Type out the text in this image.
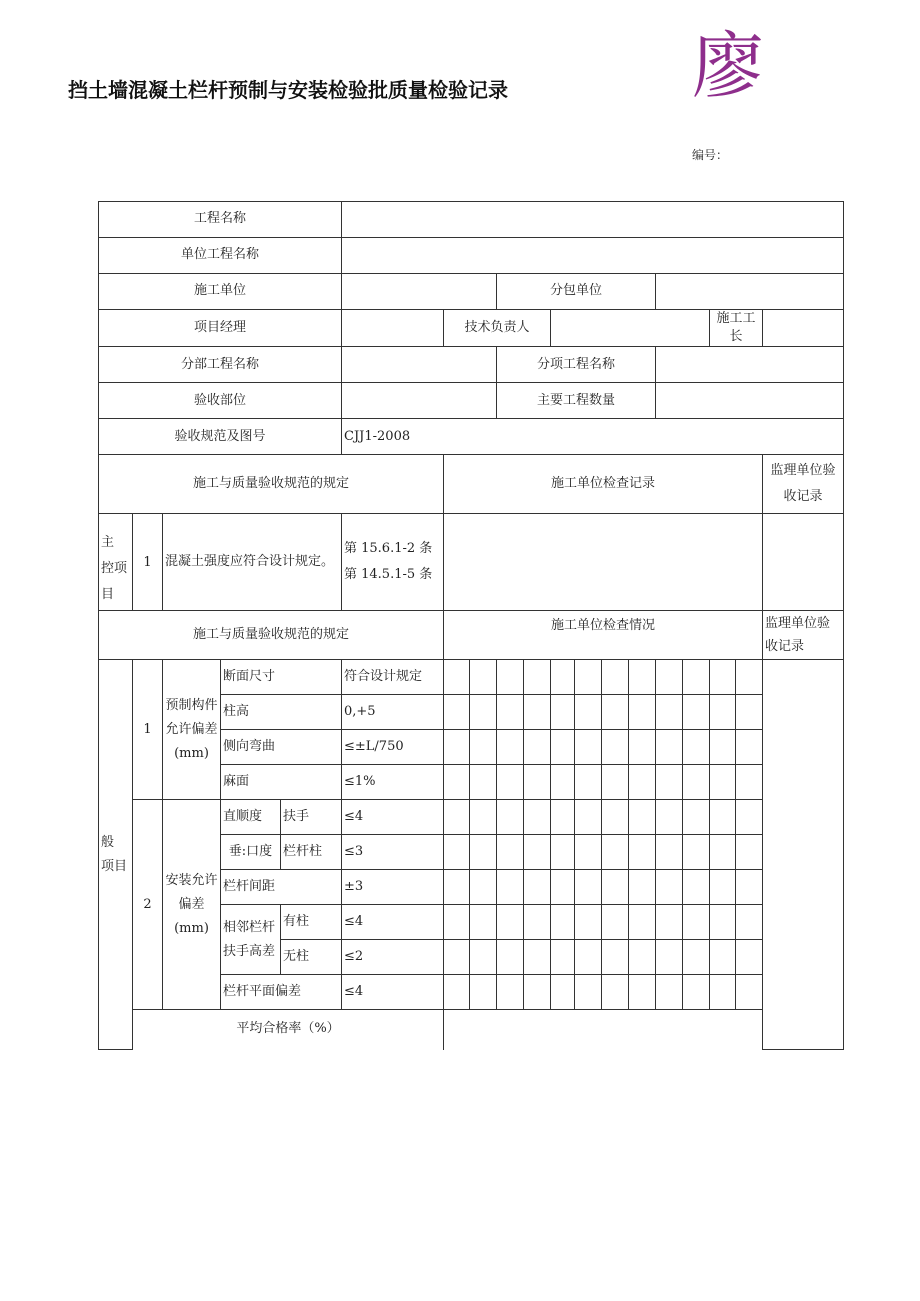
挡土墙混凝土栏杆预制与安装检验批质量检验记录	廖
编号：
工程名称																		
单位工程名称																		
施工单位								分包单位										
项目经理						技术负责人										施工工长		
分部工程名称								分项工程名称										
验收部位								主要工程数量										
验收规范及图号					CJJ1-2008													
施工与质量验收规范的规定						施工单位检查记录												监理单位验收记录
主 控项目	1	混凝土强度应符合设计规定。			第 15.6.1-2 条第 14.5.1-5 条													
施工与质量验收规范的规定						施工单位检查情况												监理单位验收记录
般 项目	1	预制构件允许偏差(mm)	断面尺寸		符合设计规定													
			柱高		0,+5													
			侧向弯曲		≤±L/750													
			麻面		≤1%													
	2	安装允许偏差(mm)	直顺度	扶手	≤4													
			垂:口度	栏杆柱	≤3													
			栏杆间距		±3													
			相邻栏杆扶手高差	有柱	≤4													
				无柱	≤2													
			栏杆平面偏差		≤4													
	平均合格率（%）																	
